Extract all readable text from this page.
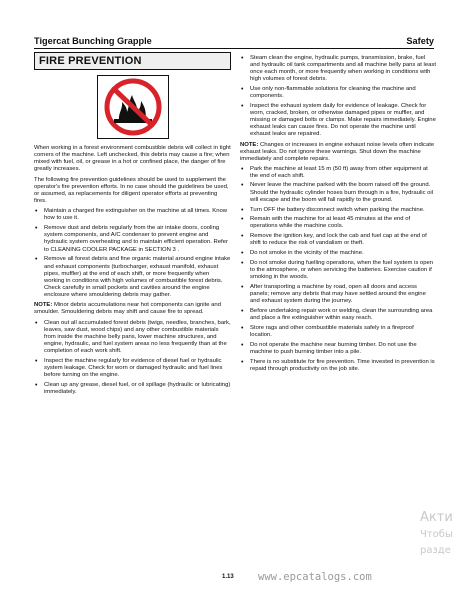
Tigercat Bunching Grapple	Safety
FIRE PREVENTION

When working in a forest environment combustible debris will collect in tight corners of the machine. Left unchecked, this debris may cause a fire; when mixed with fuel, oil, or grease in a hot or confined place, the danger of fire greatly increases.

The following fire prevention guidelines should be used to supplement the operator's fire prevention efforts. In no case should the guidelines be used, or assumed, as replacements for diligent operator efforts at preventing fires.

• Maintain a charged fire extinguisher on the machine at all times. Know how to use it.
• Remove dust and debris regularly from the air intake doors, cooling system components, and A/C condenser to prevent engine and hydraulic system overheating and to maintain efficient operation. Refer to CLEANING COOLER PACKAGE in SECTION 3 .
• Remove all forest debris and fine organic material around engine intake and exhaust components (turbocharger, exhaust manifold, exhaust pipes, muffler) at the end of each shift, or more frequently when working in conditions with high volumes of combustible forest debris. Check carefully in small pockets and cavities around the engine enclosure where smouldering debris may gather.

NOTE: Minor debris accumulations near hot components can ignite and smoulder. Smouldering debris may shift and cause fire to spread.

• Clean out all accumulated forest debris (twigs, needles, branches, bark, leaves, saw dust, wood chips) and any other combustible materials from inside the machine belly pans, lower machine structures, and engine, hydraulic, and fuel system areas no less frequently than at the completion of each work shift.
• Inspect the machine regularly for evidence of diesel fuel or hydraulic system leakage. Check for worn or damaged hydraulic and fuel lines before turning on the engine.
• Clean up any grease, diesel fuel, or oil spillage (hydraulic or lubricating) immediately.
• Steam clean the engine, hydraulic pumps, transmission, brake, fuel and hydraulic oil tank compartments and all machine belly pans at least once each month, or more frequently when working in conditions with high volumes of forest debris.
• Use only non-flammable solutions for cleaning the machine and components.
• Inspect the exhaust system daily for evidence of leakage. Check for worn, cracked, broken, or otherwise damaged pipes or muffler, and missing or damaged bolts or clamps. Make repairs immediately. Engine exhaust leaks can cause fires. Do not operate the machine until exhaust leaks are repaired.

NOTE: Changes or increases in engine exhaust noise levels often indicate exhaust leaks. Do not ignore these warnings. Shut down the machine immediately and complete repairs.

• Park the machine at least 15 m (50 ft) away from other equipment at the end of each shift.
• Never leave the machine parked with the boom raised off the ground. Should the hydraulic cylinder hoses burn through in a fire, hydraulic oil will escape and the boom will fall rapidly to the ground.
• Turn OFF the battery disconnect switch when parking the machine.
• Remain with the machine for at least 45 minutes at the end of operations while the machine cools.
• Remove the ignition key, and lock the cab and fuel cap at the end of shift to reduce the risk of vandalism or theft.
• Do not smoke in the vicinity of the machine.
• Do not smoke during fuelling operations, when the fuel system is open to the atmosphere, or when servicing the batteries. Exercise caution if smoking in the woods.
• After transporting a machine by road, open all doors and access panels; remove any debris that may have settled around the engine and exhaust system during the journey.
• Before undertaking repair work or welding, clean the surrounding area and place a fire extinguisher within easy reach.
• Store rags and other combustible materials safely in a fireproof location.
• Do not operate the machine near burning timber. Do not use the machine to push burning timber into a pile.
• There is no substitute for fire prevention. Time invested in prevention is repaid through productivity on the job site.
1.13 www.epcatalogs.com
Акти
Чтобы
разде
